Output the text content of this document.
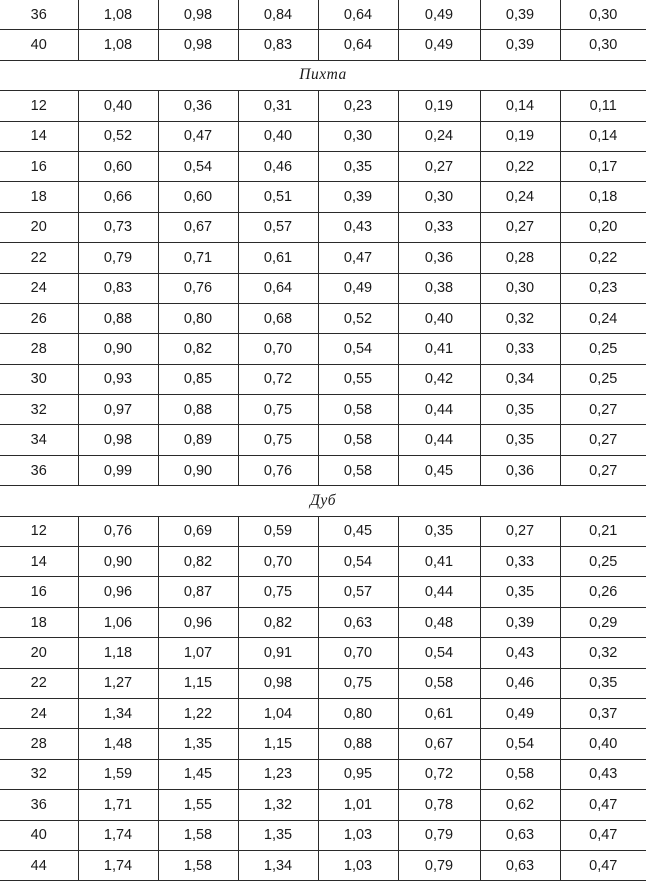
36	1,08	0,98	0,84	0,64	0,49	0,39	0,30
40	1,08	0,98	0,83	0,64	0,49	0,39	0,30
Пихта							
12	0,40	0,36	0,31	0,23	0,19	0,14	0,11
14	0,52	0,47	0,40	0,30	0,24	0,19	0,14
16	0,60	0,54	0,46	0,35	0,27	0,22	0,17
18	0,66	0,60	0,51	0,39	0,30	0,24	0,18
20	0,73	0,67	0,57	0,43	0,33	0,27	0,20
22	0,79	0,71	0,61	0,47	0,36	0,28	0,22
24	0,83	0,76	0,64	0,49	0,38	0,30	0,23
26	0,88	0,80	0,68	0,52	0,40	0,32	0,24
28	0,90	0,82	0,70	0,54	0,41	0,33	0,25
30	0,93	0,85	0,72	0,55	0,42	0,34	0,25
32	0,97	0,88	0,75	0,58	0,44	0,35	0,27
34	0,98	0,89	0,75	0,58	0,44	0,35	0,27
36	0,99	0,90	0,76	0,58	0,45	0,36	0,27
Дуб							
12	0,76	0,69	0,59	0,45	0,35	0,27	0,21
14	0,90	0,82	0,70	0,54	0,41	0,33	0,25
16	0,96	0,87	0,75	0,57	0,44	0,35	0,26
18	1,06	0,96	0,82	0,63	0,48	0,39	0,29
20	1,18	1,07	0,91	0,70	0,54	0,43	0,32
22	1,27	1,15	0,98	0,75	0,58	0,46	0,35
24	1,34	1,22	1,04	0,80	0,61	0,49	0,37
28	1,48	1,35	1,15	0,88	0,67	0,54	0,40
32	1,59	1,45	1,23	0,95	0,72	0,58	0,43
36	1,71	1,55	1,32	1,01	0,78	0,62	0,47
40	1,74	1,58	1,35	1,03	0,79	0,63	0,47
44	1,74	1,58	1,34	1,03	0,79	0,63	0,47
